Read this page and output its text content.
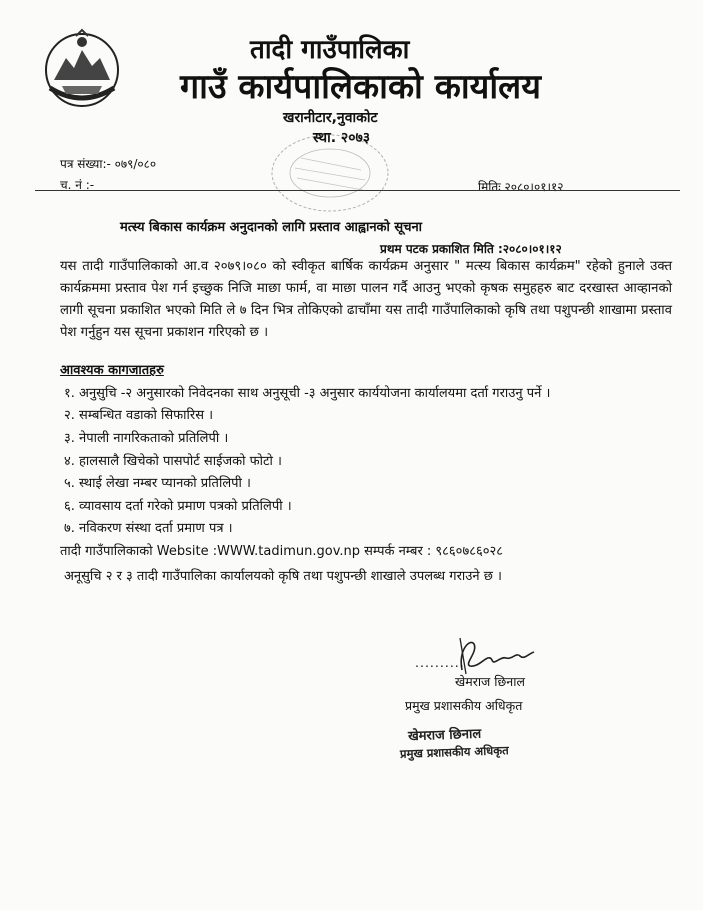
तादी गाउँपालिका
गाउँ कार्यपालिकाको कार्यालय
खरानीटार,नुवाकोट
स्था. २०७३
पत्र संख्या:- ०७९/०८०
च. नं :-	मितिः २०८०।०१।१२
मत्स्य बिकास कार्यक्रम अनुदानको लागि प्रस्ताव आह्वानको सूचना
प्रथम पटक प्रकाशित मिति :२०८०।०१।१२
यस तादी गाउँपालिकाको आ.व २०७९।०८० को स्वीकृत बार्षिक कार्यक्रम अनुसार " मत्स्य बिकास कार्यक्रम" रहेको हुनाले उक्त कार्यक्रममा प्रस्ताव पेश गर्न इच्छुक निजि माछा फार्म, वा माछा पालन गर्दै आउनु भएको कृषक समुहहरु बाट दरखास्त आव्हानको लागी सूचना प्रकाशित भएको मिति ले ७ दिन भित्र तोकिएको ढाचाँमा यस तादी गाउँपालिकाको कृषि तथा पशुपन्छी शाखामा प्रस्ताव पेश गर्नुहुन यस सूचना प्रकाशन गरिएको छ ।
आवश्यक कागजातहरु
१. अनुसुचि -२ अनुसारको निवेदनका साथ अनुसूची -३ अनुसार कार्ययोजना कार्यालयमा दर्ता गराउनु पर्ने ।
२. सम्बन्धित वडाको सिफारिस ।
३. नेपाली नागरिकताको प्रतिलिपी ।
४. हालसालै खिचेको पासपोर्ट साईजको फोटो ।
५. स्थाई लेखा नम्बर प्यानको प्रतिलिपी ।
६. व्यावसाय दर्ता गरेको प्रमाण पत्रको प्रतिलिपी ।
७. नविकरण संस्था दर्ता प्रमाण पत्र ।
तादी गाउँपालिकाको Website :WWW.tadimun.gov.np सम्पर्क नम्बर : ९८६०७८६०२८
अनूसुचि २ र ३ तादी गाउँपालिका कार्यालयको कृषि तथा पशुपन्छी शाखाले उपलब्ध गराउने छ ।
..........
खेमराज छिनाल
प्रमुख प्रशासकीय अधिकृत
खेमराज छिनाल
प्रमुख प्रशासकीय अधिकृत
